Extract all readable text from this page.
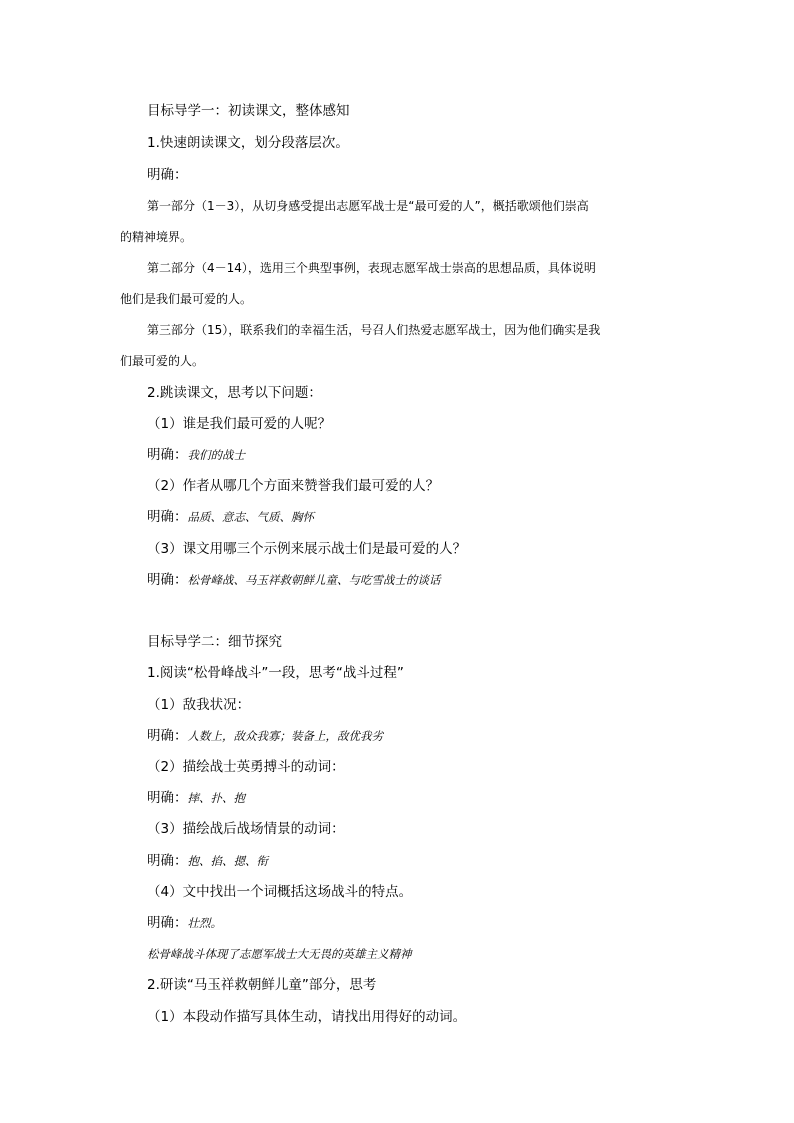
目标导学一：初读课文，整体感知
1.快速朗读课文，划分段落层次。
明确：
第一部分（1－3），从切身感受提出志愿军战士是“最可爱的人”，概括歌颂他们崇高
的精神境界。
第二部分（4－14），选用三个典型事例，表现志愿军战士崇高的思想品质，具体说明
他们是我们最可爱的人。
第三部分（15），联系我们的幸福生活，号召人们热爱志愿军战士，因为他们确实是我
们最可爱的人。
2.跳读课文，思考以下问题：
（1）谁是我们最可爱的人呢？
明确：我们的战士
（2）作者从哪几个方面来赞誉我们最可爱的人？
明确：品质、意志、气质、胸怀
（3）课文用哪三个示例来展示战士们是最可爱的人？
明确：松骨峰战、马玉祥救朝鲜儿童、与吃雪战士的谈话
目标导学二：细节探究
1.阅读“松骨峰战斗”一段，思考“战斗过程”
（1）敌我状况：
明确：人数上，敌众我寡；装备上，敌优我劣
（2）描绘战士英勇搏斗的动词：
明确：摔、扑、抱
（3）描绘战后战场情景的动词：
明确：抱、掐、摁、衔
（4）文中找出一个词概括这场战斗的特点。
明确：壮烈。
松骨峰战斗体现了志愿军战士大无畏的英雄主义精神
2.研读“马玉祥救朝鲜儿童”部分，思考
（1）本段动作描写具体生动，请找出用得好的动词。
